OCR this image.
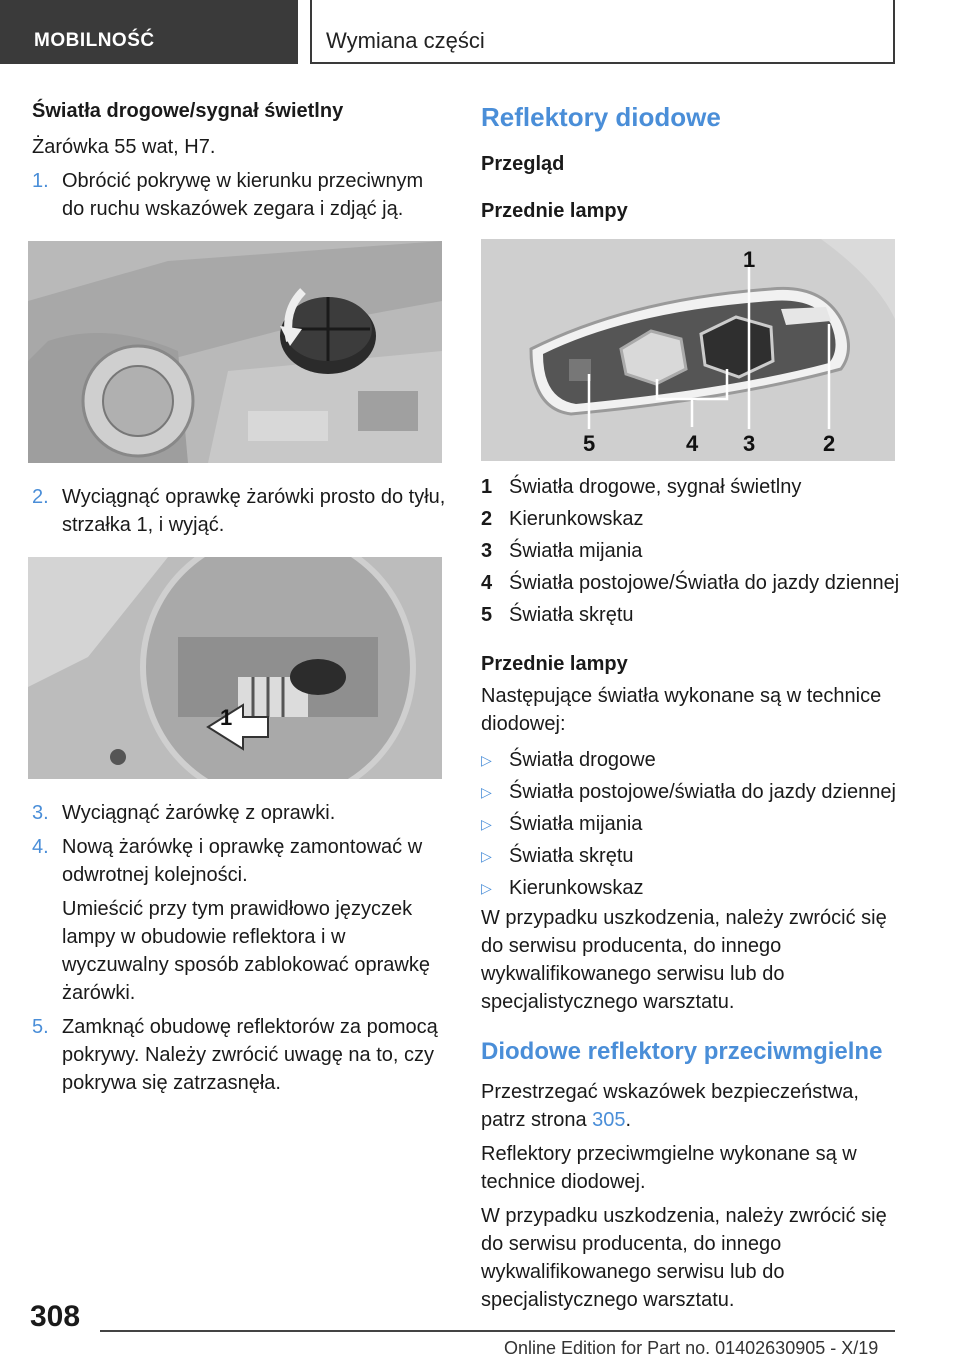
MOBILNOŚĆ	Wymiana części
Światła drogowe/sygnał świetlny
Żarówka 55 wat, H7.
1. Obrócić pokrywę w kierunku przeciwnym do ruchu wskazówek zegara i zdjąć ją.
2. Wyciągnąć oprawkę żarówki prosto do tyłu, strzałka 1, i wyjąć.
1
3. Wyciągnąć żarówkę z oprawki.
4. Nową żarówkę i oprawkę zamontować w odwrotnej kolejności.
Umieścić przy tym prawidłowo języczek lampy w obudowie reflektora i w wyczuwalny sposób zablokować oprawkę żarówki.
5. Zamknąć obudowę reflektorów za pomocą pokrywy. Należy zwrócić uwagę na to, czy pokrywa się zatrzasnęła.
Reflektory diodowe
Przegląd
Przednie lampy
1
5	4 3	2
1 Światła drogowe, sygnał świetlny
2 Kierunkowskaz
3 Światła mijania
4 Światła postojowe/Światła do jazdy dziennej
5 Światła skrętu
Przednie lampy
Następujące światła wykonane są w technice diodowej:
▷ Światła drogowe
▷ Światła postojowe/światła do jazdy dziennej
▷ Światła mijania
▷ Światła skrętu
▷ Kierunkowskaz
W przypadku uszkodzenia, należy zwrócić się do serwisu producenta, do innego wykwalifikowanego serwisu lub do specjalistycznego warsztatu.
Diodowe reflektory przeciwmgielne
Przestrzegać wskazówek bezpieczeństwa, patrz strona 305.
Reflektory przeciwmgielne wykonane są w technice diodowej.
W przypadku uszkodzenia, należy zwrócić się do serwisu producenta, do innego wykwalifikowanego serwisu lub do specjalistycznego warsztatu.
308
Online Edition for Part no. 01402630905 - X/19
